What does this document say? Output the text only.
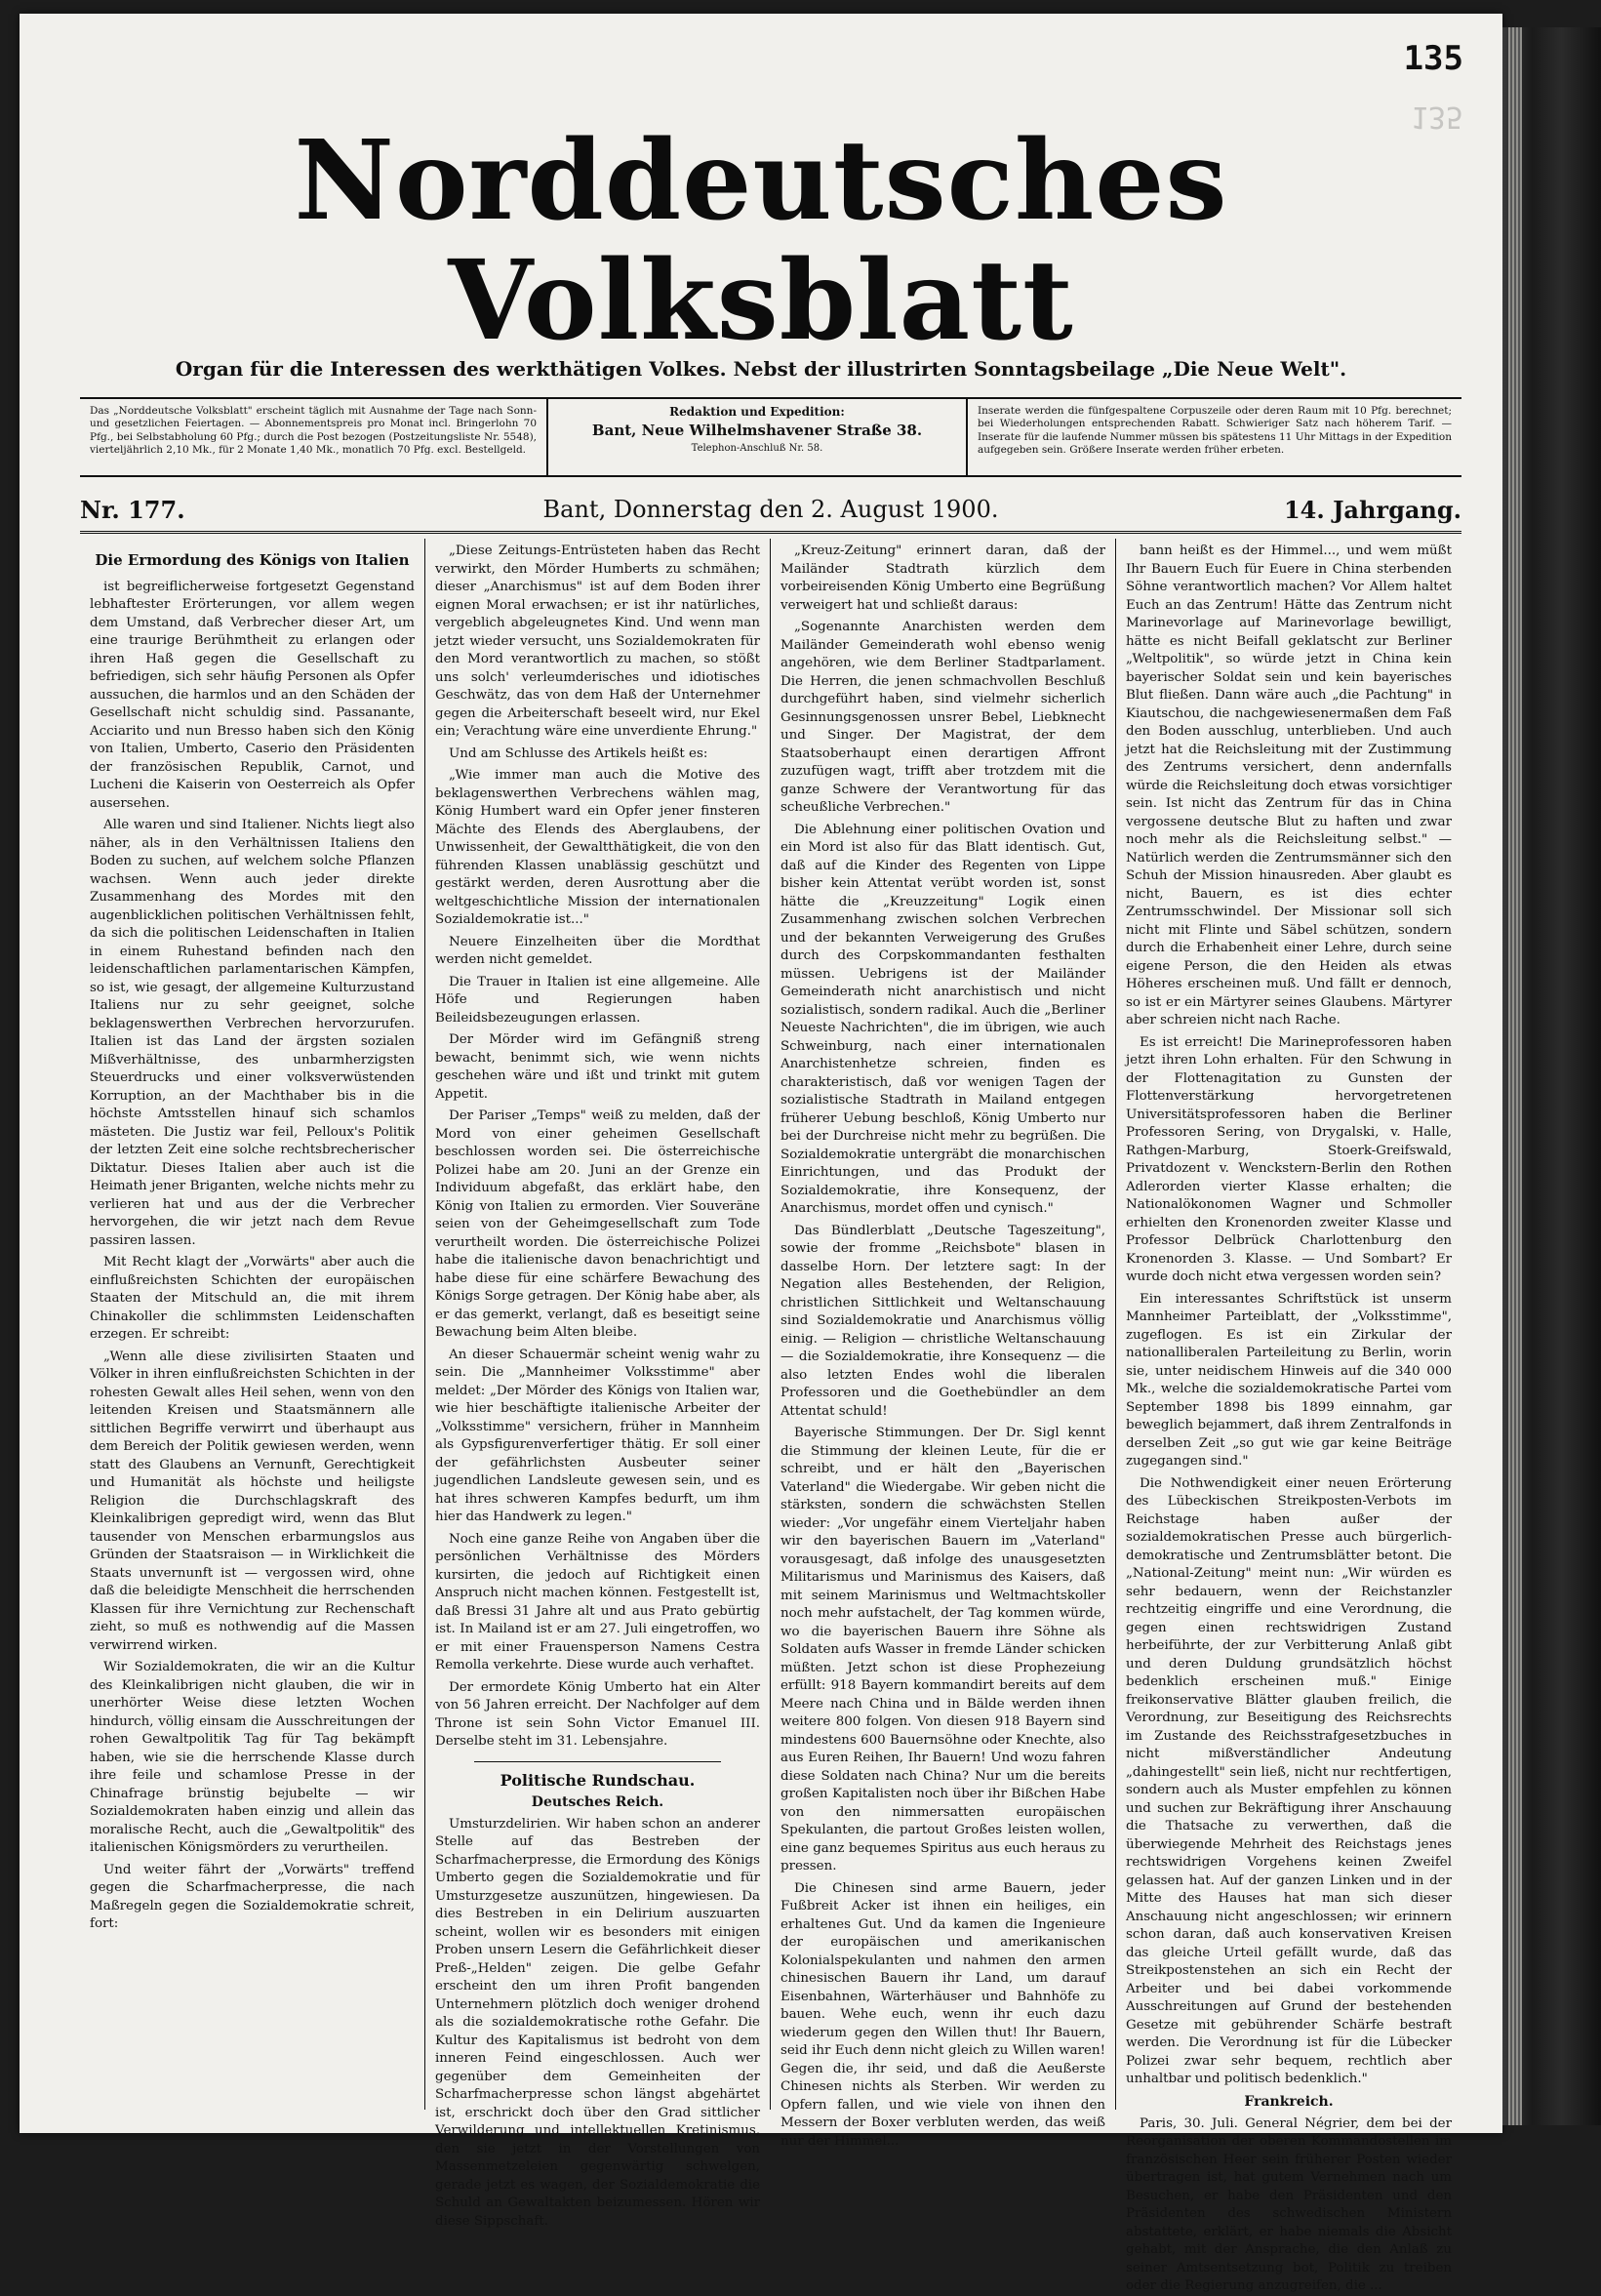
135
135
Norddeutsches Volksblatt
Organ für die Interessen des werkthätigen Volkes. Nebst der illustrirten Sonntagsbeilage „Die Neue Welt".
Das „Norddeutsche Volksblatt" erscheint täglich mit Ausnahme der Tage nach Sonn- und gesetzlichen Feiertagen. — Abonnementspreis pro Monat incl. Bringerlohn 70 Pfg., bei Selbstabholung 60 Pfg.; durch die Post bezogen (Postzeitungsliste Nr. 5548), vierteljährlich 2,10 Mk., für 2 Monate 1,40 Mk., monatlich 70 Pfg. excl. Bestellgeld.
Redaktion und Expedition:
Bant, Neue Wilhelmshavener Straße 38.
Telephon-Anschluß Nr. 58.
Inserate werden die fünfgespaltene Corpuszeile oder deren Raum mit 10 Pfg. berechnet; bei Wiederholungen entsprechenden Rabatt. Schwieriger Satz nach höherem Tarif. — Inserate für die laufende Nummer müssen bis spätestens 11 Uhr Mittags in der Expedition aufgegeben sein. Größere Inserate werden früher erbeten.
Nr. 177.	Bant, Donnerstag den 2. August 1900.	14. Jahrgang.
Die Ermordung des Königs von Italien

ist begreiflicherweise fortgesetzt Gegenstand lebhaftester Erörterungen, vor allem wegen dem Umstand, daß Verbrecher dieser Art, um eine traurige Berühmtheit zu erlangen oder ihren Haß gegen die Gesellschaft zu befriedigen, sich sehr häufig Personen als Opfer aussuchen, die harmlos und an den Schäden der Gesellschaft nicht schuldig sind. Passanante, Acciarito und nun Bresso haben sich den König von Italien, Umberto, Caserio den Präsidenten der französischen Republik, Carnot, und Lucheni die Kaiserin von Oesterreich als Opfer ausersehen.

Alle waren und sind Italiener. Nichts liegt also näher, als in den Verhältnissen Italiens den Boden zu suchen, auf welchem solche Pflanzen wachsen. Wenn auch jeder direkte Zusammenhang des Mordes mit den augenblicklichen politischen Verhältnissen fehlt, da sich die politischen Leidenschaften in Italien in einem Ruhestand befinden nach den leidenschaftlichen parlamentarischen Kämpfen, so ist, wie gesagt, der allgemeine Kulturzustand Italiens nur zu sehr geeignet, solche beklagenswerthen Verbrechen hervorzurufen. Italien ist das Land der ärgsten sozialen Mißverhältnisse, des unbarmherzigsten Steuerdrucks und einer volksverwüstenden Korruption, an der Machthaber bis in die höchste Amtsstellen hinauf sich schamlos mästeten. Die Justiz war feil, Pelloux's Politik der letzten Zeit eine solche rechtsbrecherischer Diktatur. Dieses Italien aber auch ist die Heimath jener Briganten, welche nichts mehr zu verlieren hat und aus der die Verbrecher hervorgehen, die wir jetzt nach dem Revue passiren lassen.

Mit Recht klagt der „Vorwärts" aber auch die einflußreichsten Schichten der europäischen Staaten der Mitschuld an, die mit ihrem Chinakoller die schlimmsten Leidenschaften erzegen. Er schreibt:

„Wenn alle diese zivilisirten Staaten und Völker in ihren einflußreichsten Schichten in der rohesten Gewalt alles Heil sehen, wenn von den leitenden Kreisen und Staatsmännern alle sittlichen Begriffe verwirrt und überhaupt aus dem Bereich der Politik gewiesen werden, wenn statt des Glaubens an Vernunft, Gerechtigkeit und Humanität als höchste und heiligste Religion die Durchschlagskraft des Kleinkalibrigen gepredigt wird, wenn das Blut tausender von Menschen erbarmungslos aus Gründen der Staatsraison — in Wirklichkeit die Staats unvernunft ist — vergossen wird, ohne daß die beleidigte Menschheit die herrschenden Klassen für ihre Vernichtung zur Rechenschaft zieht, so muß es nothwendig auf die Massen verwirrend wirken.

Wir Sozialdemokraten, die wir an die Kultur des Kleinkalibrigen nicht glauben, die wir in unerhörter Weise diese letzten Wochen hindurch, völlig einsam die Ausschreitungen der rohen Gewaltpolitik Tag für Tag bekämpft haben, wie sie die herrschende Klasse durch ihre feile und schamlose Presse in der Chinafrage brünstig bejubelte — wir Sozialdemokraten haben einzig und allein das moralische Recht, auch die „Gewaltpolitik" des italienischen Königsmörders zu verurtheilen.

Und weiter fährt der „Vorwärts" treffend gegen die Scharfmacherpresse, die nach Maßregeln gegen die Sozialdemokratie schreit, fort:

„Diese Zeitungs-Entrüsteten haben das Recht verwirkt, den Mörder Humberts zu schmähen; dieser „Anarchismus" ist auf dem Boden ihrer eignen Moral erwachsen; er ist ihr natürliches, vergeblich abgeleugnetes Kind. Und wenn man jetzt wieder versucht, uns Sozialdemokraten für den Mord verantwortlich zu machen, so stößt uns solch' verleumderisches und idiotisches Geschwätz, das von dem Haß der Unternehmer gegen die Arbeiterschaft beseelt wird, nur Ekel ein; Verachtung wäre eine unverdiente Ehrung."

Und am Schlusse des Artikels heißt es:

„Wie immer man auch die Motive des beklagenswerthen Verbrechens wählen mag, König Humbert ward ein Opfer jener finsteren Mächte des Elends des Aberglaubens, der Unwissenheit, der Gewaltthätigkeit, die von den führenden Klassen unablässig geschützt und gestärkt werden, deren Ausrottung aber die weltgeschichtliche Mission der internationalen Sozialdemokratie ist..."

Neuere Einzelheiten über die Mordthat werden nicht gemeldet.

Die Trauer in Italien ist eine allgemeine. Alle Höfe und Regierungen haben Beileidsbezeugungen erlassen.

Der Mörder wird im Gefängniß streng bewacht, benimmt sich, wie wenn nichts geschehen wäre und ißt und trinkt mit gutem Appetit.

Der Pariser „Temps" weiß zu melden, daß der Mord von einer geheimen Gesellschaft beschlossen worden sei. Die österreichische Polizei habe am 20. Juni an der Grenze ein Individuum abgefaßt, das erklärt habe, den König von Italien zu ermorden. Vier Souveräne seien von der Geheimgesellschaft zum Tode verurtheilt worden. Die österreichische Polizei habe die italienische davon benachrichtigt und habe diese für eine schärfere Bewachung des Königs Sorge getragen. Der König habe aber, als er das gemerkt, verlangt, daß es beseitigt seine Bewachung beim Alten bleibe.

An dieser Schauermär scheint wenig wahr zu sein. Die „Mannheimer Volksstimme" aber meldet: „Der Mörder des Königs von Italien war, wie hier beschäftigte italienische Arbeiter der „Volksstimme" versichern, früher in Mannheim als Gypsfigurenverfertiger thätig. Er soll einer der gefährlichsten Ausbeuter seiner jugendlichen Landsleute gewesen sein, und es hat ihres schweren Kampfes bedurft, um ihm hier das Handwerk zu legen."

Noch eine ganze Reihe von Angaben über die persönlichen Verhältnisse des Mörders kursirten, die jedoch auf Richtigkeit einen Anspruch nicht machen können. Festgestellt ist, daß Bressi 31 Jahre alt und aus Prato gebürtig ist. In Mailand ist er am 27. Juli eingetroffen, wo er mit einer Frauensperson Namens Cestra Remolla verkehrte. Diese wurde auch verhaftet.

Der ermordete König Umberto hat ein Alter von 56 Jahren erreicht. Der Nachfolger auf dem Throne ist sein Sohn Victor Emanuel III. Derselbe steht im 31. Lebensjahre.

Politische Rundschau.
Deutsches Reich.

Umsturzdelirien. Wir haben schon an anderer Stelle auf das Bestreben der Scharfmacherpresse, die Ermordung des Königs Umberto gegen die Sozialdemokratie und für Umsturzgesetze auszunützen, hingewiesen. Da dies Bestreben in ein Delirium auszuarten scheint, wollen wir es besonders mit einigen Proben unsern Lesern die Gefährlichkeit dieser Preß-„Helden" zeigen. Die gelbe Gefahr erscheint den um ihren Profit bangenden Unternehmern plötzlich doch weniger drohend als die sozialdemokratische rothe Gefahr. Die Kultur des Kapitalismus ist bedroht von dem inneren Feind eingeschlossen. Auch wer gegenüber dem Gemeinheiten der Scharfmacherpresse schon längst abgehärtet ist, erschrickt doch über den Grad sittlicher Verwilderung und intellektuellen Kretinismus, den sie jetzt in der Vorstellungen von Massenmetzeleien gegenwärtig schwelgen, gerade jetzt es wagen, der Sozialdemokratie die Schuld an Gewaltakten beizumessen. Hören wir diese Sippschaft.

„Kreuz-Zeitung" erinnert daran, daß der Mailänder Stadtrath kürzlich dem vorbeireisenden König Umberto eine Begrüßung verweigert hat und schließt daraus:

„Sogenannte Anarchisten werden dem Mailänder Gemeinderath wohl ebenso wenig angehören, wie dem Berliner Stadtparlament. Die Herren, die jenen schmachvollen Beschluß durchgeführt haben, sind vielmehr sicherlich Gesinnungsgenossen unsrer Bebel, Liebknecht und Singer. Der Magistrat, der dem Staatsoberhaupt einen derartigen Affront zuzufügen wagt, trifft aber trotzdem mit die ganze Schwere der Verantwortung für das scheußliche Verbrechen."

Die Ablehnung einer politischen Ovation und ein Mord ist also für das Blatt identisch. Gut, daß auf die Kinder des Regenten von Lippe bisher kein Attentat verübt worden ist, sonst hätte die „Kreuzzeitung" Logik einen Zusammenhang zwischen solchen Verbrechen und der bekannten Verweigerung des Grußes durch des Corpskommandanten festhalten müssen. Uebrigens ist der Mailänder Gemeinderath nicht anarchistisch und nicht sozialistisch, sondern radikal. Auch die „Berliner Neueste Nachrichten", die im übrigen, wie auch Schweinburg, nach einer internationalen Anarchistenhetze schreien, finden es charakteristisch, daß vor wenigen Tagen der sozialistische Stadtrath in Mailand entgegen früherer Uebung beschloß, König Umberto nur bei der Durchreise nicht mehr zu begrüßen. Die Sozialdemokratie untergräbt die monarchischen Einrichtungen, und das Produkt der Sozialdemokratie, ihre Konsequenz, der Anarchismus, mordet offen und cynisch."

Das Bündlerblatt „Deutsche Tageszeitung", sowie der fromme „Reichsbote" blasen in dasselbe Horn. Der letztere sagt: In der Negation alles Bestehenden, der Religion, christlichen Sittlichkeit und Weltanschauung sind Sozialdemokratie und Anarchismus völlig einig. — Religion — christliche Weltanschauung — die Sozialdemokratie, ihre Konsequenz — die also letzten Endes wohl die liberalen Professoren und die Goethebündler an dem Attentat schuld!

Bayerische Stimmungen. Der Dr. Sigl kennt die Stimmung der kleinen Leute, für die er schreibt, und er hält den „Bayerischen Vaterland" die Wiedergabe. Wir geben nicht die stärksten, sondern die schwächsten Stellen wieder: „Vor ungefähr einem Vierteljahr haben wir den bayerischen Bauern im „Vaterland" vorausgesagt, daß infolge des unausgesetzten Militarismus und Marinismus des Kaisers, daß mit seinem Marinismus und Weltmachtskoller noch mehr aufstachelt, der Tag kommen würde, wo die bayerischen Bauern ihre Söhne als Soldaten aufs Wasser in fremde Länder schicken müßten. Jetzt schon ist diese Prophezeiung erfüllt: 918 Bayern kommandirt bereits auf dem Meere nach China und in Bälde werden ihnen weitere 800 folgen. Von diesen 918 Bayern sind mindestens 600 Bauernsöhne oder Knechte, also aus Euren Reihen, Ihr Bauern! Und wozu fahren diese Soldaten nach China? Nur um die bereits großen Kapitalisten noch über ihr Bißchen Habe von den nimmersatten europäischen Spekulanten, die partout Großes leisten wollen, eine ganz bequemes Spiritus aus euch heraus zu pressen.

Die Chinesen sind arme Bauern, jeder Fußbreit Acker ist ihnen ein heiliges, ein erhaltenes Gut. Und da kamen die Ingenieure der europäischen und amerikanischen Kolonialspekulanten und nahmen den armen chinesischen Bauern ihr Land, um darauf Eisenbahnen, Wärterhäuser und Bahnhöfe zu bauen. Wehe euch, wenn ihr euch dazu wiederum gegen den Willen thut! Ihr Bauern, seid ihr Euch denn nicht gleich zu Willen waren! Gegen die, ihr seid, und daß die Aeußerste Chinesen nichts als Sterben. Wir werden zu Opfern fallen, und wie viele von ihnen den Messern der Boxer verbluten werden, das weiß nur der Himmel...

bann heißt es der Himmel..., und wem müßt Ihr Bauern Euch für Euere in China sterbenden Söhne verantwortlich machen? Vor Allem haltet Euch an das Zentrum! Hätte das Zentrum nicht Marinevorlage auf Marinevorlage bewilligt, hätte es nicht Beifall geklatscht zur Berliner „Weltpolitik", so würde jetzt in China kein bayerischer Soldat sein und kein bayerisches Blut fließen. Dann wäre auch „die Pachtung" in Kiautschou, die nachgewiesenermaßen dem Faß den Boden ausschlug, unterblieben. Und auch jetzt hat die Reichsleitung mit der Zustimmung des Zentrums versichert, denn andernfalls würde die Reichsleitung doch etwas vorsichtiger sein. Ist nicht das Zentrum für das in China vergossene deutsche Blut zu haften und zwar noch mehr als die Reichsleitung selbst." — Natürlich werden die Zentrumsmänner sich den Schuh der Mission hinausreden. Aber glaubt es nicht, Bauern, es ist dies echter Zentrumsschwindel. Der Missionar soll sich nicht mit Flinte und Säbel schützen, sondern durch die Erhabenheit einer Lehre, durch seine eigene Person, die den Heiden als etwas Höheres erscheinen muß. Und fällt er dennoch, so ist er ein Märtyrer seines Glaubens. Märtyrer aber schreien nicht nach Rache.

Es ist erreicht! Die Marineprofessoren haben jetzt ihren Lohn erhalten. Für den Schwung in der Flottenagitation zu Gunsten der Flottenverstärkung hervorgetretenen Universitätsprofessoren haben die Berliner Professoren Sering, von Drygalski, v. Halle, Rathgen-Marburg, Stoerk-Greifswald, Privatdozent v. Wenckstern-Berlin den Rothen Adlerorden vierter Klasse erhalten; die Nationalökonomen Wagner und Schmoller erhielten den Kronenorden zweiter Klasse und Professor Delbrück Charlottenburg den Kronenorden 3. Klasse. — Und Sombart? Er wurde doch nicht etwa vergessen worden sein?

Ein interessantes Schriftstück ist unserm Mannheimer Parteiblatt, der „Volksstimme", zugeflogen. Es ist ein Zirkular der nationalliberalen Parteileitung zu Berlin, worin sie, unter neidischem Hinweis auf die 340 000 Mk., welche die sozialdemokratische Partei vom September 1898 bis 1899 einnahm, gar beweglich bejammert, daß ihrem Zentralfonds in derselben Zeit „so gut wie gar keine Beiträge zugegangen sind."

Die Nothwendigkeit einer neuen Erörterung des Lübeckischen Streikposten-Verbots im Reichstage haben außer der sozialdemokratischen Presse auch bürgerlich-demokratische und Zentrumsblätter betont. Die „National-Zeitung" meint nun: „Wir würden es sehr bedauern, wenn der Reichstanzler rechtzeitig eingriffe und eine Verordnung, die gegen einen rechtswidrigen Zustand herbeiführte, der zur Verbitterung Anlaß gibt und deren Duldung grundsätzlich höchst bedenklich erscheinen muß." Einige freikonservative Blätter glauben freilich, die Verordnung, zur Beseitigung des Reichsrechts im Zustande des Reichsstrafgesetzbuches in nicht mißverständlicher Andeutung „dahingestellt" sein ließ, nicht nur rechtfertigen, sondern auch als Muster empfehlen zu können und suchen zur Bekräftigung ihrer Anschauung die Thatsache zu verwerthen, daß die überwiegende Mehrheit des Reichstags jenes rechtswidrigen Vorgehens keinen Zweifel gelassen hat. Auf der ganzen Linken und in der Mitte des Hauses hat man sich dieser Anschauung nicht angeschlossen; wir erinnern schon daran, daß auch konservativen Kreisen das gleiche Urteil gefällt wurde, daß das Streikpostenstehen an sich ein Recht der Arbeiter und bei dabei vorkommende Ausschreitungen auf Grund der bestehenden Gesetze mit gebührender Schärfe bestraft werden. Die Verordnung ist für die Lübecker Polizei zwar sehr bequem, rechtlich aber unhaltbar und politisch bedenklich."

Frankreich.

Paris, 30. Juli. General Négrier, dem bei der Reorganisation der oberen Kommandostellen im französischen Heer sein früherer Posten wieder übertragen ist, hat gutem Vernehmen nach um Besuchen, er habe den Präsidenten und den Präsidenten des schwedischen Ministern abstattete, erklärt, er habe niemals die Absicht gehabt, mit der Ansprache, die den Anlaß zu seiner Amtsentsetzung bot, Politik zu treiben oder die Regierung anzugreifen, die ...
